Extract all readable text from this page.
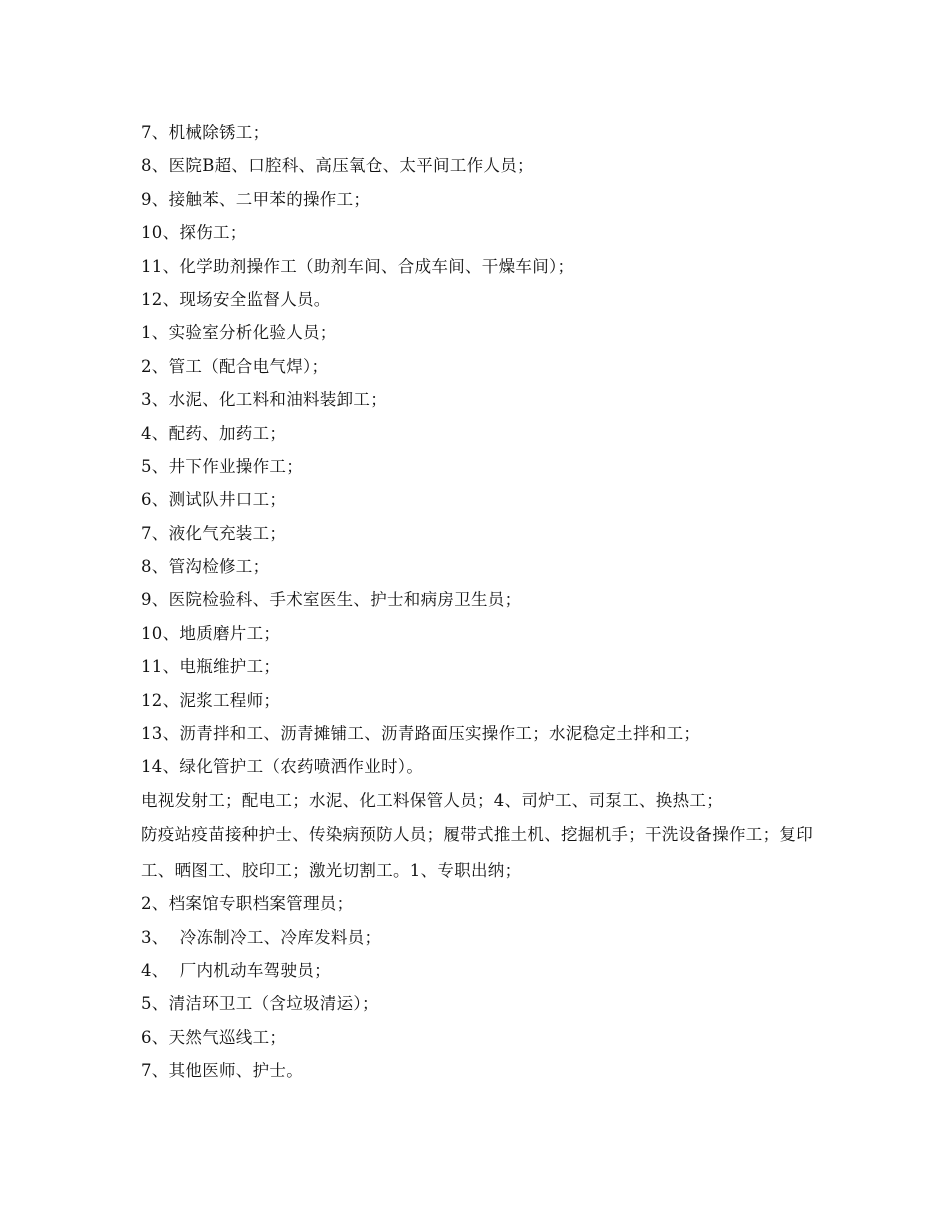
7、机械除锈工；
8、医院B超、口腔科、高压氧仓、太平间工作人员；
9、接触苯、二甲苯的操作工；
10、探伤工；
11、化学助剂操作工（助剂车间、合成车间、干燥车间）；
12、现场安全监督人员。
1、实验室分析化验人员；
2、管工（配合电气焊）；
3、水泥、化工料和油料装卸工；
4、配药、加药工；
5、井下作业操作工；
6、测试队井口工；
7、液化气充装工；
8、管沟检修工；
9、医院检验科、手术室医生、护士和病房卫生员；
10、地质磨片工；
11、电瓶维护工；
12、泥浆工程师；
13、沥青拌和工、沥青摊铺工、沥青路面压实操作工；水泥稳定土拌和工；
14、绿化管护工（农药喷洒作业时）。
电视发射工；配电工；水泥、化工料保管人员；4、司炉工、司泵工、换热工；
防疫站疫苗接种护士、传染病预防人员；履带式推土机、挖掘机手；干洗设备操作工；复印工、晒图工、胶印工；激光切割工。1、专职出纳；
2、档案馆专职档案管理员；
3、  冷冻制冷工、冷库发料员；
4、  厂内机动车驾驶员；
5、清洁环卫工（含垃圾清运）；
6、天然气巡线工；
7、其他医师、护士。
